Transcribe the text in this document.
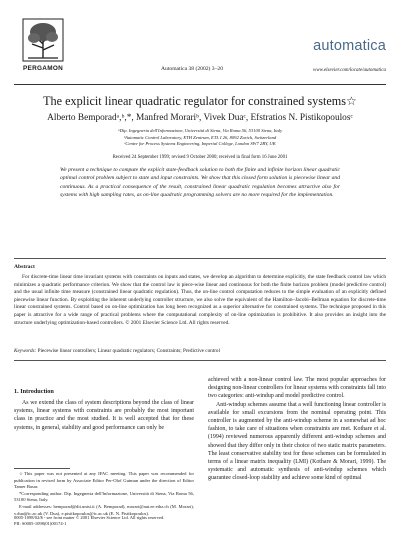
PERGAMON	Automatica 38 (2002) 3–20
automatica
www.elsevier.com/locate/automatica
The explicit linear quadratic regulator for constrained systems☆
Alberto Bemporadᵃ,ᵇ,*, Manfred Morariᵇ, Vivek Duaᶜ, Efstratios N. Pistikopoulosᶜ
ᵃDip. Ingegneria dell'Informazione, Università di Siena, Via Roma 56, 53100 Siena, Italy
ᵇAutomatic Control Laboratory, ETH Zentrum, ETL I 26, 8092 Zurich, Switzerland
ᶜCentre for Process Systems Engineering, Imperial College, London SW7 2BY, UK
Received 24 September 1999; revised 9 October 2000; received in final form 16 June 2001
We present a technique to compute the explicit state-feedback solution to both the finite and infinite horizon linear quadratic optimal control problem subject to state and input constraints. We show that this closed form solution is piecewise linear and continuous. As a practical consequence of the result, constrained linear quadratic regulation becomes attractive also for systems with high sampling rates, as on-line quadratic programming solvers are no more required for the implementation.
Abstract
For discrete-time linear time invariant systems with constraints on inputs and states, we develop an algorithm to determine explicitly, the state feedback control law which minimizes a quadratic performance criterion. We show that the control law is piece-wise linear and continuous for both the finite horizon problem (model predictive control) and the usual infinite time measure (constrained linear quadratic regulation). Thus, the on-line control computation reduces to the simple evaluation of an explicitly defined piecewise linear function. By exploiting the inherent underlying controller structure, we also solve the equivalent of the Hamilton–Jacobi–Bellman equation for discrete-time linear constrained systems. Control based on on-line optimization has long been recognized as a superior alternative for constrained systems. The technique proposed in this paper is attractive for a wide range of practical problems where the computational complexity of on-line optimization is prohibitive. It also provides an insight into the structure underlying optimization-based controllers. © 2001 Elsevier Science Ltd. All rights reserved.
Keywords: Piecewise linear controllers; Linear quadratic regulators; Constraints; Predictive control
1. Introduction
As we extend the class of system descriptions beyond the class of linear systems, linear systems with constraints are probably the most important class in practice and the most studied. It is well accepted that for these systems, in general, stability and good performance can only be
☆This paper was not presented at any IFAC meeting. This paper was recommended for publication in revised form by Associate Editor Per-Olof Gutman under the direction of Editor Tamer Basar.
*Corresponding author. Dip. Ingegneria dell'Informazione, Università di Siena, Via Roma 56, 53100 Siena, Italy.
E-mail addresses: bemporad@dii.unisi.it (A. Bemporad), morari@aut.ee.ethz.ch (M. Morari), v.dua@ic.ac.uk (V. Dua), e.pistikopoulos@ic.ac.uk (E. N. Pistikopoulos).
achieved with a non-linear control law. The most popular approaches for designing non-linear controllers for linear systems with constraints fall into two categories: anti-windup and model predictive control.
Anti-windup schemes assume that a well functioning linear controller is available for small excursions from the nominal operating point. This controller is augmented by the anti-windup scheme in a somewhat ad hoc fashion, to take care of situations when constraints are met. Kothare et al. (1994) reviewed numerous apparently different anti-windup schemes and showed that they differ only in their choice of two static matrix parameters. The least conservative stability test for these schemes can be formulated in terms of a linear matrix inequality (LMI) (Kothare & Morari, 1999). The systematic and automatic synthesis of anti-windup schemes which guarantee closed-loop stability and achieve some kind of optimal
0005-1098/02/$ - see front matter © 2001 Elsevier Science Ltd. All rights reserved.
PII: S0005-1098(01)00174-1
